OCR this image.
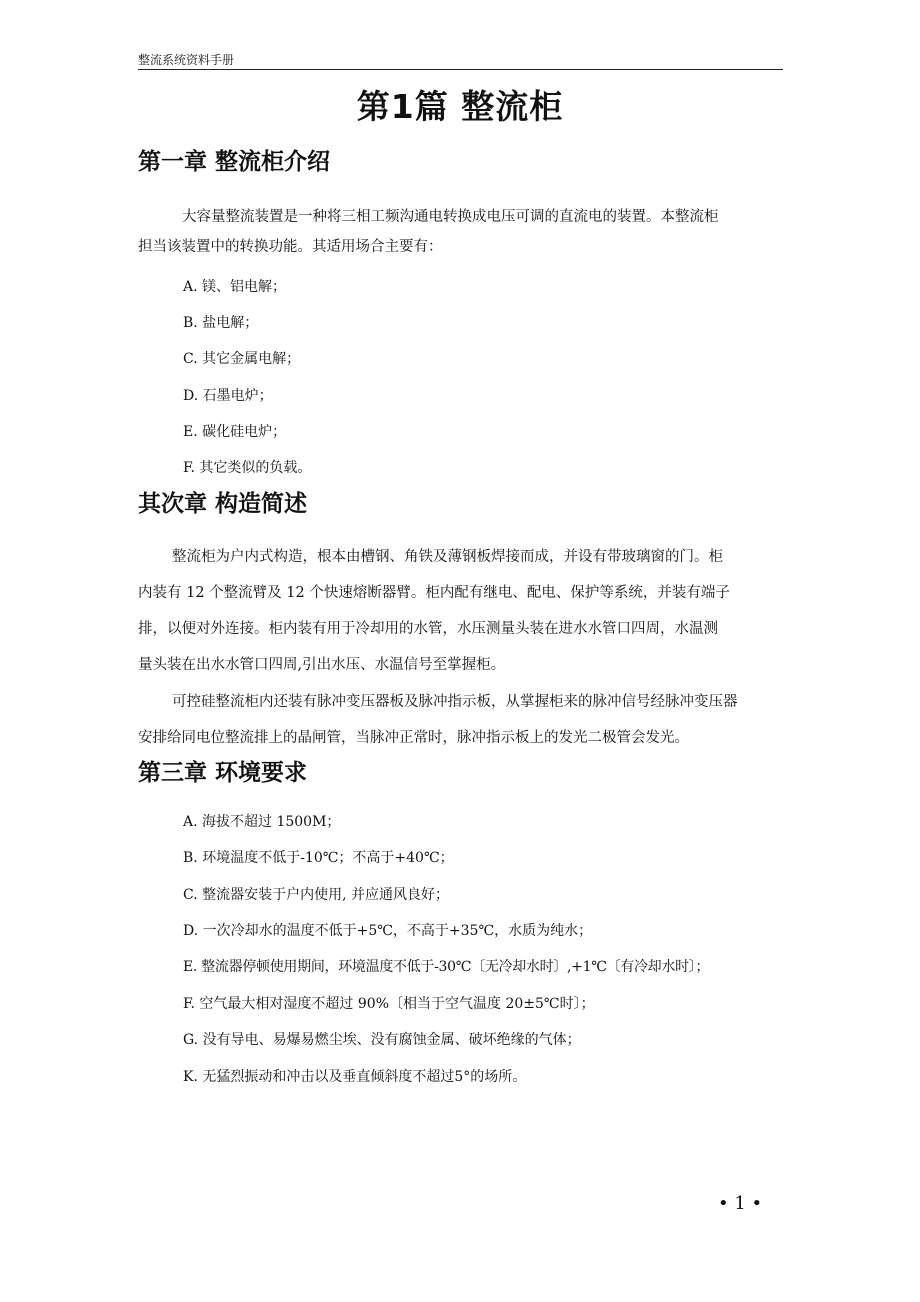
整流系统资料手册
第1篇 整流柜
第一章 整流柜介绍
大容量整流装置是一种将三相工频沟通电转换成电压可调的直流电的装置。本整流柜
担当该装置中的转换功能。其适用场合主要有：
A. 镁、铝电解；
B. 盐电解；
C. 其它金属电解；
D. 石墨电炉；
E. 碳化硅电炉；
F. 其它类似的负载。
其次章 构造简述
整流柜为户内式构造，根本由槽钢、角铁及薄钢板焊接而成，并设有带玻璃窗的门。柜
内装有 12 个整流臂及 12 个快速熔断器臂。柜内配有继电、配电、保护等系统，并装有端子
排，以便对外连接。柜内装有用于冷却用的水管，水压测量头装在进水水管口四周，水温测
量头装在出水水管口四周,引出水压、水温信号至掌握柜。
可控硅整流柜内还装有脉冲变压器板及脉冲指示板，从掌握柜来的脉冲信号经脉冲变压器
安排给同电位整流排上的晶闸管，当脉冲正常时，脉冲指示板上的发光二极管会发光。
第三章 环境要求
A. 海拔不超过 1500M；
B. 环境温度不低于-10℃；不高于+40℃；
C. 整流器安装于户内使用, 并应通风良好；
D. 一次冷却水的温度不低于+5℃，不高于+35℃，水质为纯水；
E. 整流器停顿使用期间，环境温度不低于-30℃〔无冷却水时〕,+1℃〔有冷却水时〕；
F. 空气最大相对湿度不超过 90%〔相当于空气温度 20±5℃时〕；
G. 没有导电、易爆易燃尘埃、没有腐蚀金属、破坏绝缘的气体；
K. 无猛烈振动和冲击以及垂直倾斜度不超过5°的场所。
• 1 •
